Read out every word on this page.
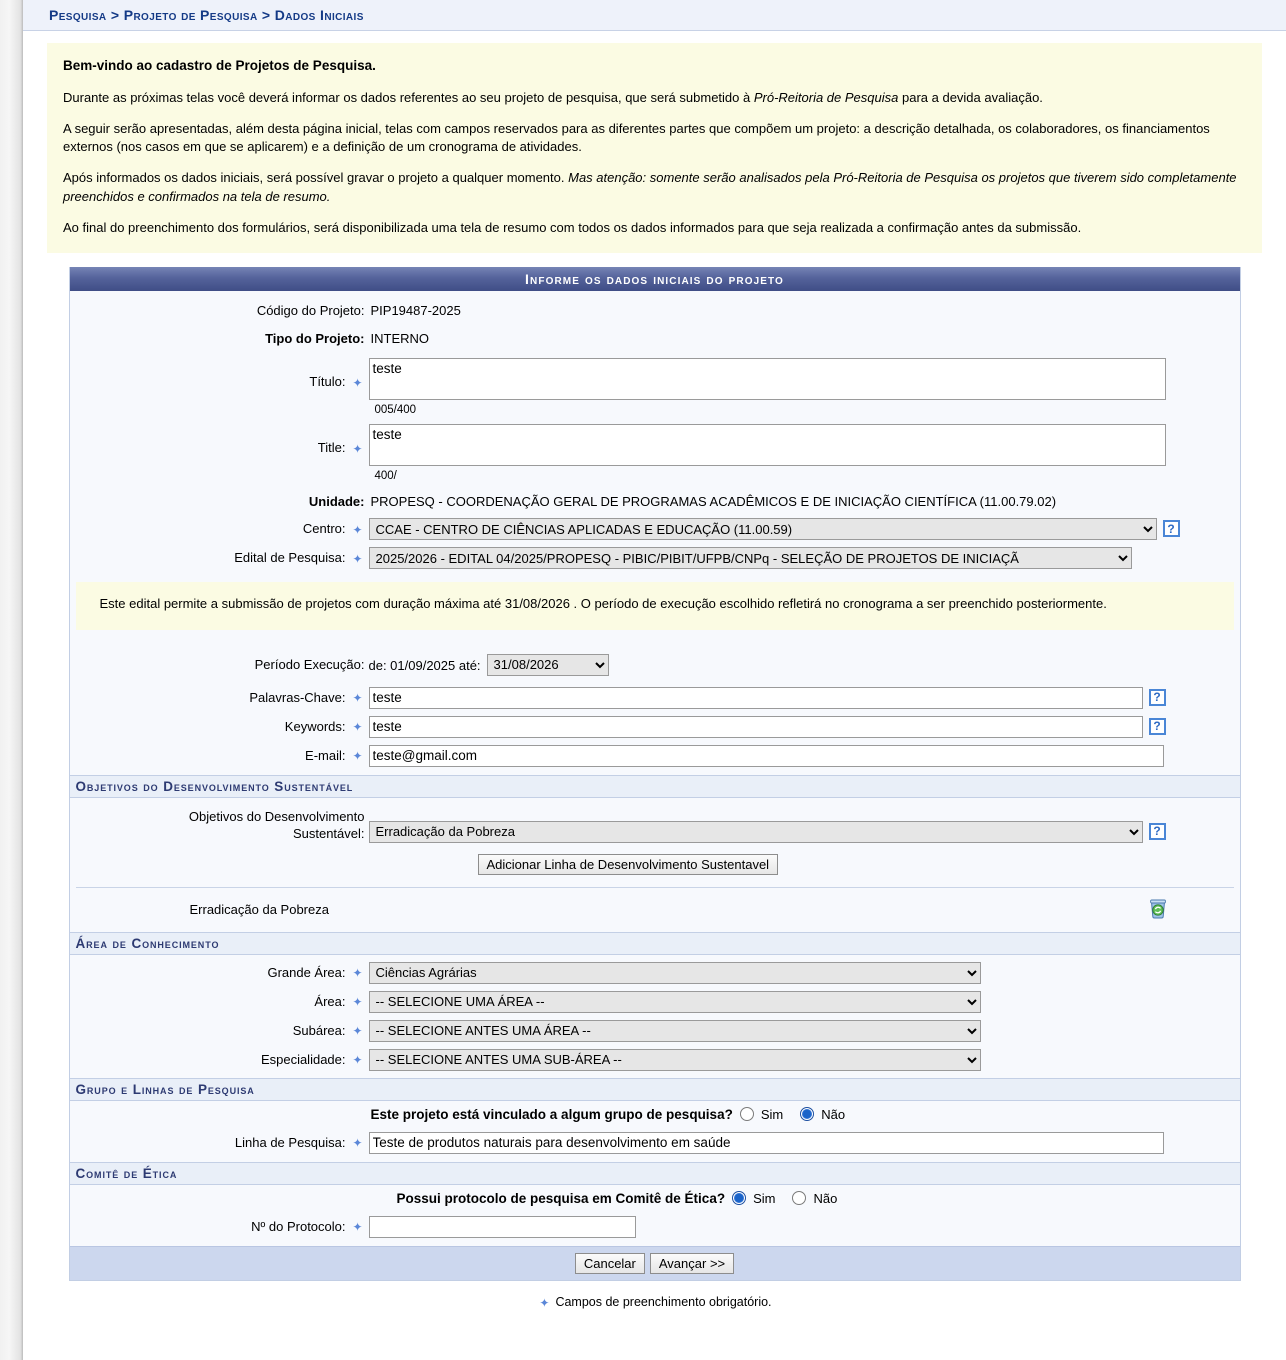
Pesquisa > Projeto de Pesquisa > Dados Iniciais
Bem-vindo ao cadastro de Projetos de Pesquisa.

Durante as próximas telas você deverá informar os dados referentes ao seu projeto de pesquisa, que será submetido à Pró-Reitoria de Pesquisa para a devida avaliação.

A seguir serão apresentadas, além desta página inicial, telas com campos reservados para as diferentes partes que compõem um projeto: a descrição detalhada, os colaboradores, os financiamentos externos (nos casos em que se aplicarem) e a definição de um cronograma de atividades.

Após informados os dados iniciais, será possível gravar o projeto a qualquer momento. Mas atenção: somente serão analisados pela Pró-Reitoria de Pesquisa os projetos que tiverem sido completamente preenchidos e confirmados na tela de resumo.

Ao final do preenchimento dos formulários, será disponibilizada uma tela de resumo com todos os dados informados para que seja realizada a confirmação antes da submissão.

Informe os dados iniciais do projeto
Código do Projeto: PIP19487-2025
Tipo do Projeto: INTERNO
Título: ✦
teste
005/400
Title: ✦
teste
400/
Unidade: PROPESQ - COORDENAÇÃO GERAL DE PROGRAMAS ACADÊMICOS E DE INICIAÇÃO CIENTÍFICA (11.00.79.02)
Centro: ✦
CCAE - CENTRO DE CIÊNCIAS APLICADAS E EDUCAÇÃO (11.00.59)	?
Edital de Pesquisa: ✦
2025/2026 - EDITAL 04/2025/PROPESQ - PIBIC/PIBIT/UFPB/CNPq - SELEÇÃO DE PROJETOS DE INICIAÇÃ
Este edital permite a submissão de projetos com duração máxima até 31/08/2026 . O período de execução escolhido refletirá no cronograma a ser preenchido posteriormente.
Período Execução: de: 01/09/2025 até:
31/08/2026
Palavras-Chave: ✦
teste	?
Keywords: ✦
teste	?
E-mail: ✦
teste@gmail.com
Objetivos do Desenvolvimento Sustentável
Objetivos do Desenvolvimento
Sustentável:
Erradicação da Pobreza	?
Adicionar Linha de Desenvolvimento Sustentavel
Erradicação da Pobreza
Área de Conhecimento
Grande Área: ✦
Ciências Agrárias
Área: ✦
-- SELECIONE UMA ÁREA --
Subárea: ✦
-- SELECIONE ANTES UMA ÁREA --
Especialidade: ✦
-- SELECIONE ANTES UMA SUB-ÁREA --
Grupo e Linhas de Pesquisa
Este projeto está vinculado a algum grupo de pesquisa? Sim	Não
Linha de Pesquisa: ✦
Teste de produtos naturais para desenvolvimento em saúde
Comitê de Ética
Possui protocolo de pesquisa em Comitê de Ética? Sim	Não
Nº do Protocolo: ✦
Cancelar	Avançar >>
✦ Campos de preenchimento obrigatório.
